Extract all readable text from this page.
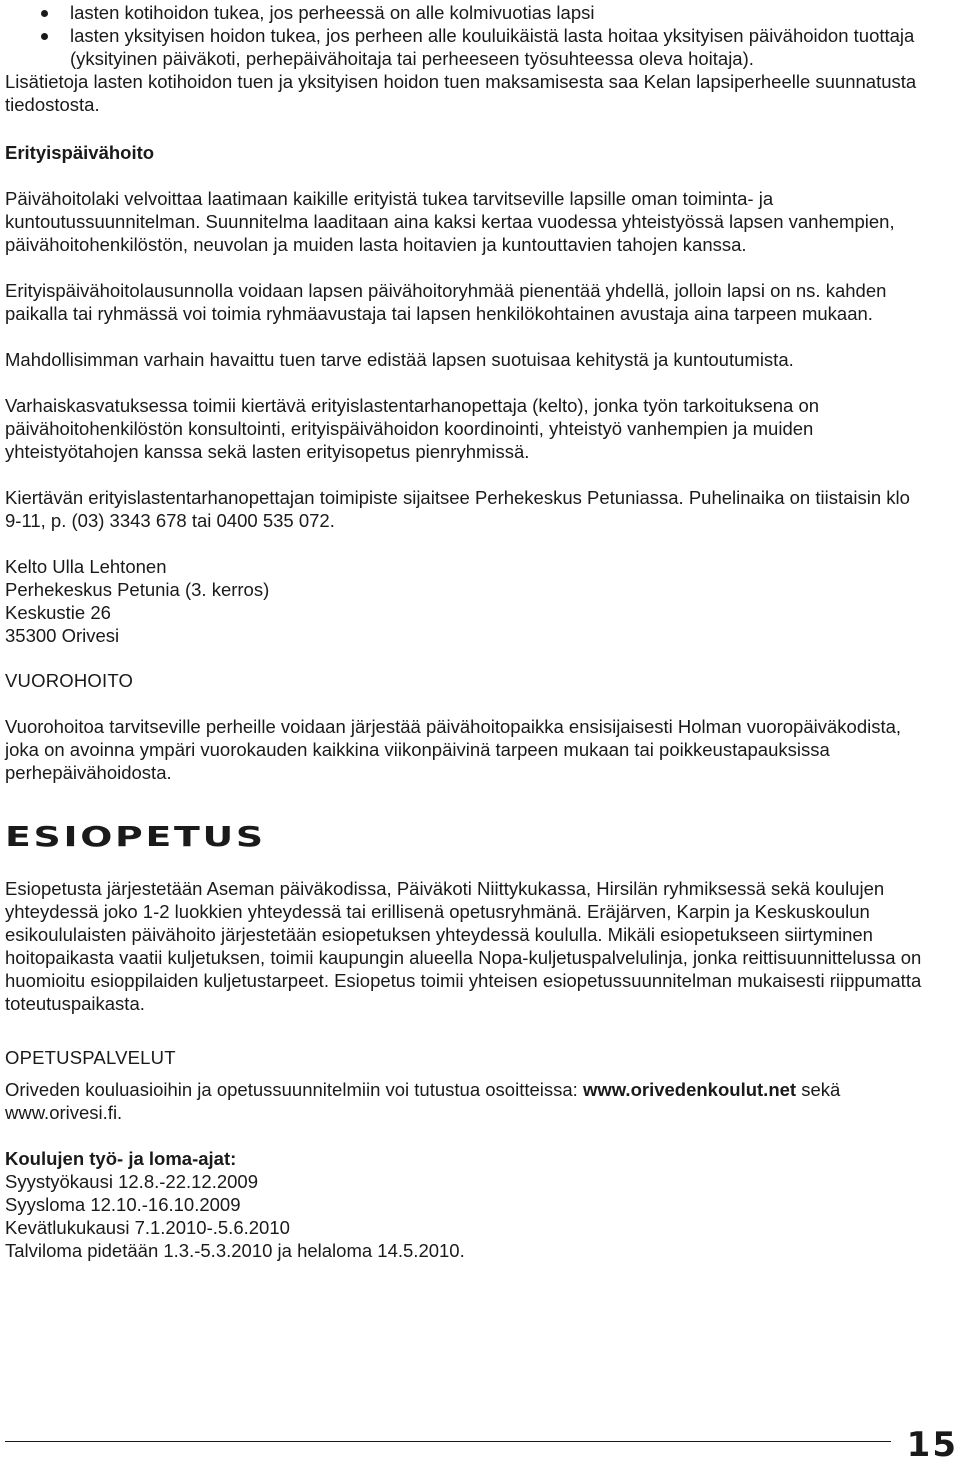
lasten kotihoidon tukea, jos perheessä on alle kolmivuotias lapsi
lasten yksityisen hoidon tukea, jos perheen alle kouluikäistä lasta hoitaa yksityisen päivähoidon tuottaja (yksityinen päiväkoti, perhepäivähoitaja tai perheeseen työsuhteessa oleva hoitaja).

Lisätietoja lasten kotihoidon tuen ja yksityisen hoidon tuen maksamisesta saa Kelan lapsiperheelle suunnatusta tiedostosta.

Erityispäivähoito

Päivähoitolaki velvoittaa laatimaan kaikille erityistä tukea tarvitseville lapsille oman toiminta- ja kuntoutussuunnitelman. Suunnitelma laaditaan aina kaksi kertaa vuodessa yhteistyössä lapsen vanhempien, päivähoitohenkilöstön, neuvolan ja muiden lasta hoitavien ja kuntouttavien tahojen kanssa.

Erityispäivähoitolausunnolla voidaan lapsen päivähoitoryhmää pienentää yhdellä, jolloin lapsi on ns. kahden paikalla tai ryhmässä voi toimia ryhmäavustaja tai lapsen henkilökohtainen avustaja aina tarpeen mukaan.

Mahdollisimman varhain havaittu tuen tarve edistää lapsen suotuisaa kehitystä ja kuntoutumista.

Varhaiskasvatuksessa toimii kiertävä erityislastentarhanopettaja (kelto), jonka työn tarkoituksena on päivähoitohenkilöstön konsultointi, erityispäivähoidon koordinointi, yhteistyö vanhempien ja muiden yhteistyötahojen kanssa sekä lasten erityisopetus pienryhmissä.

Kiertävän erityislastentarhanopettajan toimipiste sijaitsee Perhekeskus Petuniassa. Puhelinaika on tiistaisin klo 9-11, p. (03) 3343 678 tai 0400 535 072.

Kelto Ulla Lehtonen

Perhekeskus Petunia (3. kerros)

Keskustie 26

35300 Orivesi

VUOROHOITO

Vuorohoitoa tarvitseville perheille voidaan järjestää päivähoitopaikka ensisijaisesti Holman vuoropäiväkodista, joka on avoinna ympäri vuorokauden kaikkina viikonpäivinä tarpeen mukaan tai poikkeustapauksissa perhepäivähoidosta.

ESIOPETUS

Esiopetusta järjestetään Aseman päiväkodissa, Päiväkoti Niittykukassa, Hirsilän ryhmiksessä sekä koulujen yhteydessä joko 1-2 luokkien yhteydessä tai erillisenä opetusryhmänä. Eräjärven, Karpin ja Keskuskoulun esikoululaisten päivähoito järjestetään esiopetuksen yhteydessä koululla. Mikäli esiopetukseen siirtyminen hoitopaikasta vaatii kuljetuksen, toimii kaupungin alueella Nopa-kuljetuspalvelulinja, jonka reittisuunnittelussa on huomioitu esioppilaiden kuljetustarpeet. Esiopetus toimii yhteisen esiopetussuunnitelman mukaisesti riippumatta toteutuspaikasta.

OPETUSPALVELUT

Oriveden kouluasioihin ja opetussuunnitelmiin voi tutustua osoitteissa: www.orivedenkoulut.net sekä www.orivesi.fi.

Koulujen työ- ja loma-ajat:

Syystyökausi 12.8.-22.12.2009

Syysloma 12.10.-16.10.2009

Kevätlukukausi 7.1.2010-.5.6.2010

Talviloma pidetään 1.3.-5.3.2010 ja helaloma 14.5.2010.

15
